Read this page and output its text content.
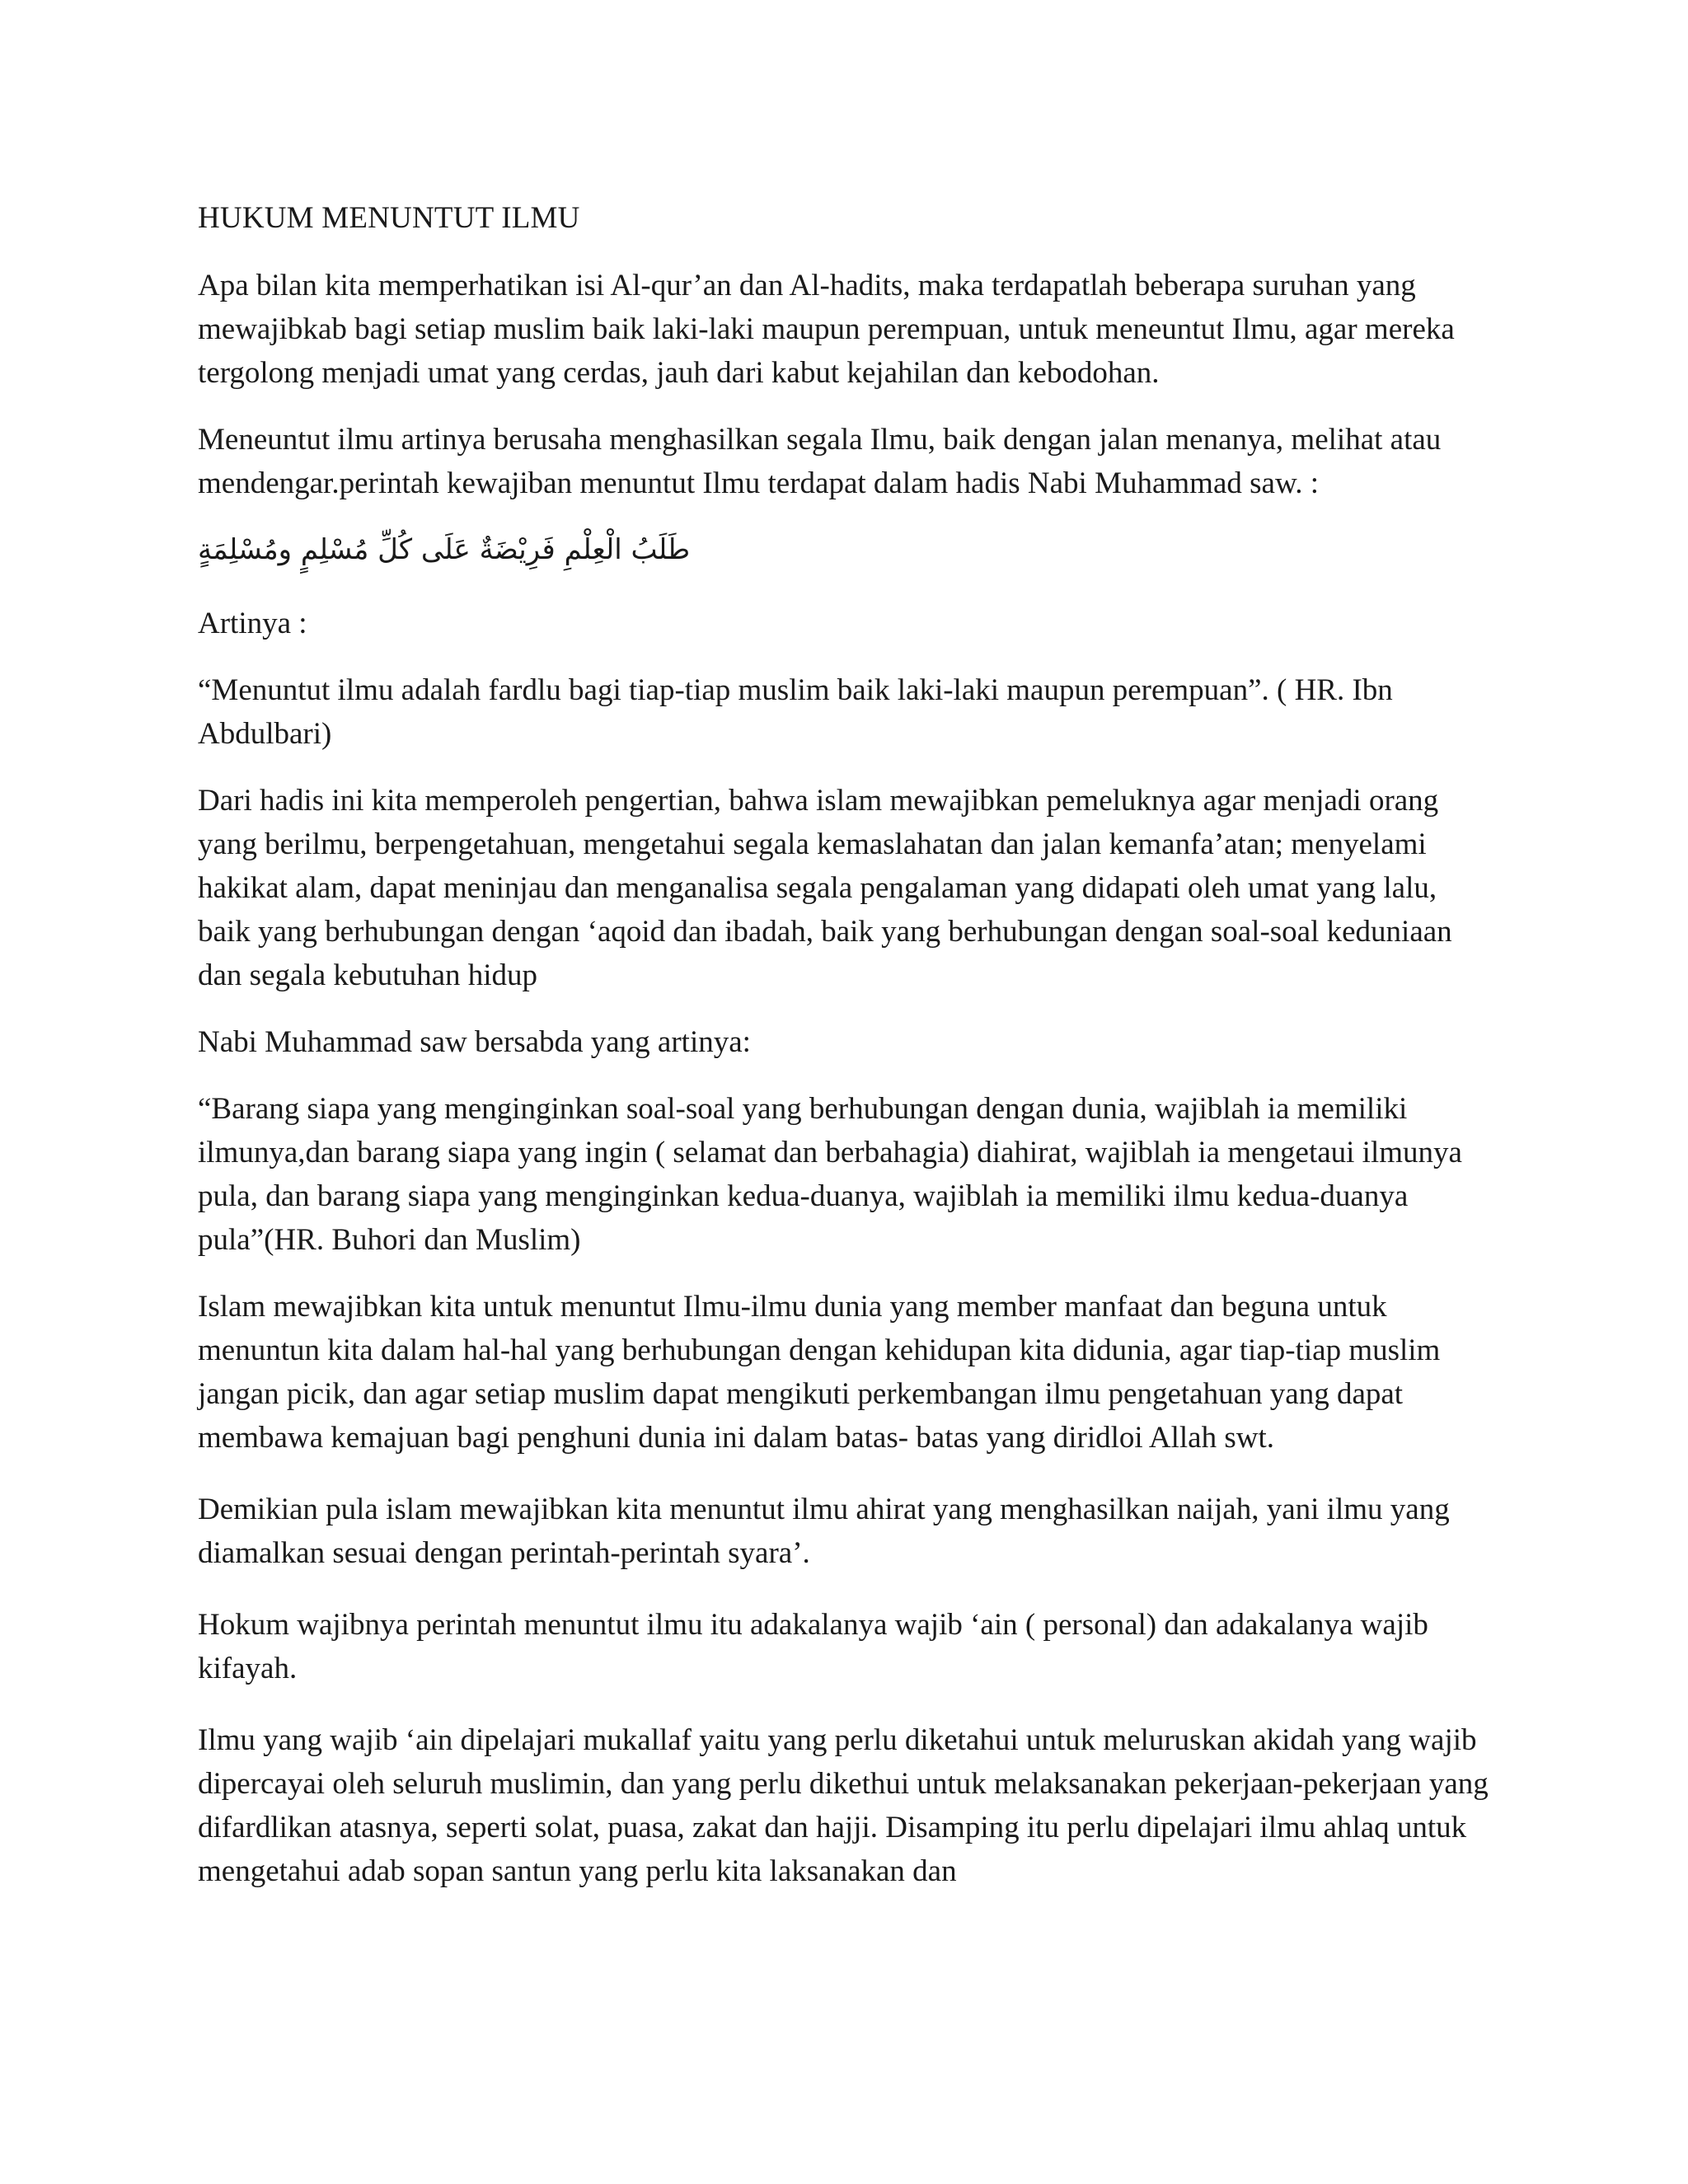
HUKUM MENUNTUT ILMU

Apa bilan kita memperhatikan isi Al-qur’an dan Al-hadits, maka terdapatlah beberapa suruhan yang mewajibkab bagi setiap muslim baik laki-laki maupun perempuan, untuk meneuntut Ilmu, agar mereka tergolong menjadi umat yang cerdas, jauh dari kabut kejahilan dan kebodohan.

Meneuntut ilmu artinya berusaha menghasilkan segala Ilmu, baik dengan jalan menanya, melihat atau mendengar.perintah kewajiban menuntut Ilmu terdapat dalam hadis Nabi Muhammad saw. :

طَلَبُ الْعِلْمِ فَرِيْضَةٌ عَلَى كُلِّ مُسْلِمٍ ومُسْلِمَةٍ

Artinya :

“Menuntut ilmu adalah fardlu bagi tiap-tiap muslim baik laki-laki maupun perempuan”. ( HR. Ibn Abdulbari)

Dari hadis ini kita memperoleh pengertian, bahwa islam mewajibkan pemeluknya agar menjadi orang yang berilmu, berpengetahuan, mengetahui segala kemaslahatan dan jalan kemanfa’atan; menyelami hakikat alam, dapat meninjau dan menganalisa segala pengalaman yang didapati oleh umat yang lalu, baik yang berhubungan dengan ‘aqoid dan ibadah, baik yang berhubungan dengan soal-soal keduniaan dan segala kebutuhan hidup

Nabi Muhammad saw bersabda yang artinya:

“Barang siapa yang menginginkan soal-soal yang berhubungan dengan dunia, wajiblah ia memiliki ilmunya,dan barang siapa yang ingin ( selamat dan berbahagia) diahirat, wajiblah ia mengetaui ilmunya pula, dan barang siapa yang menginginkan kedua-duanya, wajiblah ia memiliki ilmu kedua-duanya pula”(HR. Buhori dan Muslim)

Islam mewajibkan kita untuk menuntut Ilmu-ilmu dunia yang member manfaat dan beguna untuk menuntun kita dalam hal-hal yang berhubungan dengan kehidupan kita didunia, agar tiap-tiap muslim jangan picik, dan agar setiap muslim dapat mengikuti perkembangan ilmu pengetahuan yang dapat membawa kemajuan bagi penghuni dunia ini dalam batas- batas yang diridloi Allah swt.

Demikian pula islam mewajibkan kita menuntut ilmu ahirat yang menghasilkan naijah, yani ilmu yang diamalkan sesuai dengan perintah-perintah syara’.

Hokum wajibnya perintah menuntut ilmu itu adakalanya wajib ‘ain ( personal) dan adakalanya wajib kifayah.

Ilmu yang wajib ‘ain dipelajari mukallaf yaitu yang perlu diketahui untuk meluruskan akidah yang wajib dipercayai oleh seluruh muslimin, dan yang perlu dikethui untuk melaksanakan pekerjaan-pekerjaan yang difardlikan atasnya, seperti solat, puasa, zakat dan hajji. Disamping itu perlu dipelajari ilmu ahlaq untuk mengetahui adab sopan santun yang perlu kita laksanakan dan
